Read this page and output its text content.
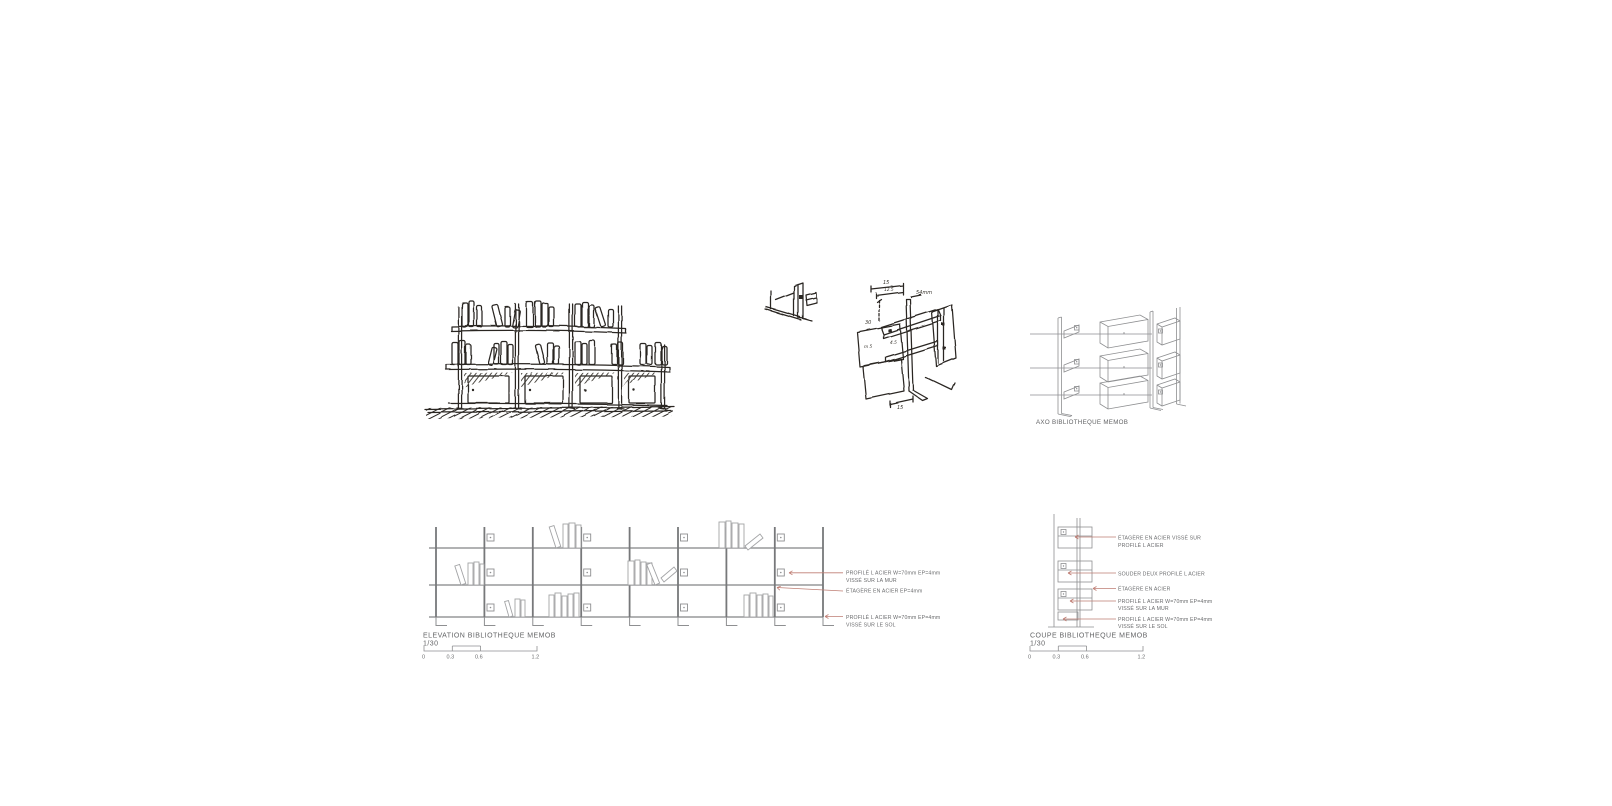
15
12.5	54mm
30
m 5
4.5
15
AXO BIBLIOTHEQUE MEMOB
PROFILÉ L ACIER W=70mm EP=4mm
VISSÉ SUR LA MUR
ÉTAGÈRE EN ACIER EP=4mm
PROFILÉ L ACIER W=70mm EP=4mm
VISSÉ SUR LE SOL
ELEVATION BIBLIOTHEQUE MEMOB
1/30
0	0.3	0.6	1.2
ÉTAGÈRE EN ACIER VISSÉ SUR
PROFILÉ L ACIER
SOUDER DEUX PROFILÉ L ACIER
ÉTAGÈRE EN ACIER
PROFILÉ L ACIER W=70mm EP=4mm
VISSÉ SUR LA MUR
PROFILÉ L ACIER W=70mm EP=4mm
VISSÉ SUR LE SOL
COUPE BIBLIOTHEQUE MEMOB
1/30
0	0.3	0.6	1.2
